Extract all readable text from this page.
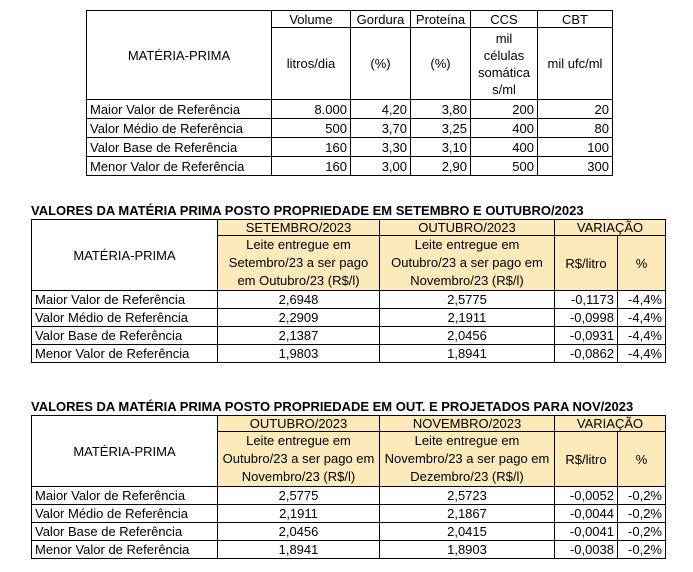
MATÉRIA-PRIMA	Volume	Gordura	Proteína	CCS	CBT
	litros/dia	(%)	(%)	mil células somática s/ml	mil ufc/ml
Maior Valor de Referência	8.000	4,20	3,80	200	20
Valor Médio de Referência	500	3,70	3,25	400	80
Valor Base de Referência	160	3,30	3,10	400	100
Menor Valor de Referência	160	3,00	2,90	500	300
VALORES DA MATÉRIA PRIMA POSTO PROPRIEDADE EM SETEMBRO E OUTUBRO/2023
MATÉRIA-PRIMA	SETEMBRO/2023	OUTUBRO/2023	VARIAÇÃO	
	Leite entregue em Setembro/23 a ser pago em Outubro/23 (R$/l)	Leite entregue em Outubro/23 a ser pago em Novembro/23 (R$/l)	R$/litro	%
Maior Valor de Referência	2,6948	2,5775	-0,1173	-4,4%
Valor Médio de Referência	2,2909	2,1911	-0,0998	-4,4%
Valor Base de Referência	2,1387	2,0456	-0,0931	-4,4%
Menor Valor de Referência	1,9803	1,8941	-0,0862	-4,4%
VALORES DA MATÉRIA PRIMA POSTO PROPRIEDADE EM OUT. E PROJETADOS PARA NOV/2023
MATÉRIA-PRIMA	OUTUBRO/2023	NOVEMBRO/2023	VARIAÇÃO	
	Leite entregue em Outubro/23 a ser pago em Novembro/23 (R$/l)	Leite entregue em Novembro/23 a ser pago em Dezembro/23 (R$/l)	R$/litro	%
Maior Valor de Referência	2,5775	2,5723	-0,0052	-0,2%
Valor Médio de Referência	2,1911	2,1867	-0,0044	-0,2%
Valor Base de Referência	2,0456	2,0415	-0,0041	-0,2%
Menor Valor de Referência	1,8941	1,8903	-0,0038	-0,2%
